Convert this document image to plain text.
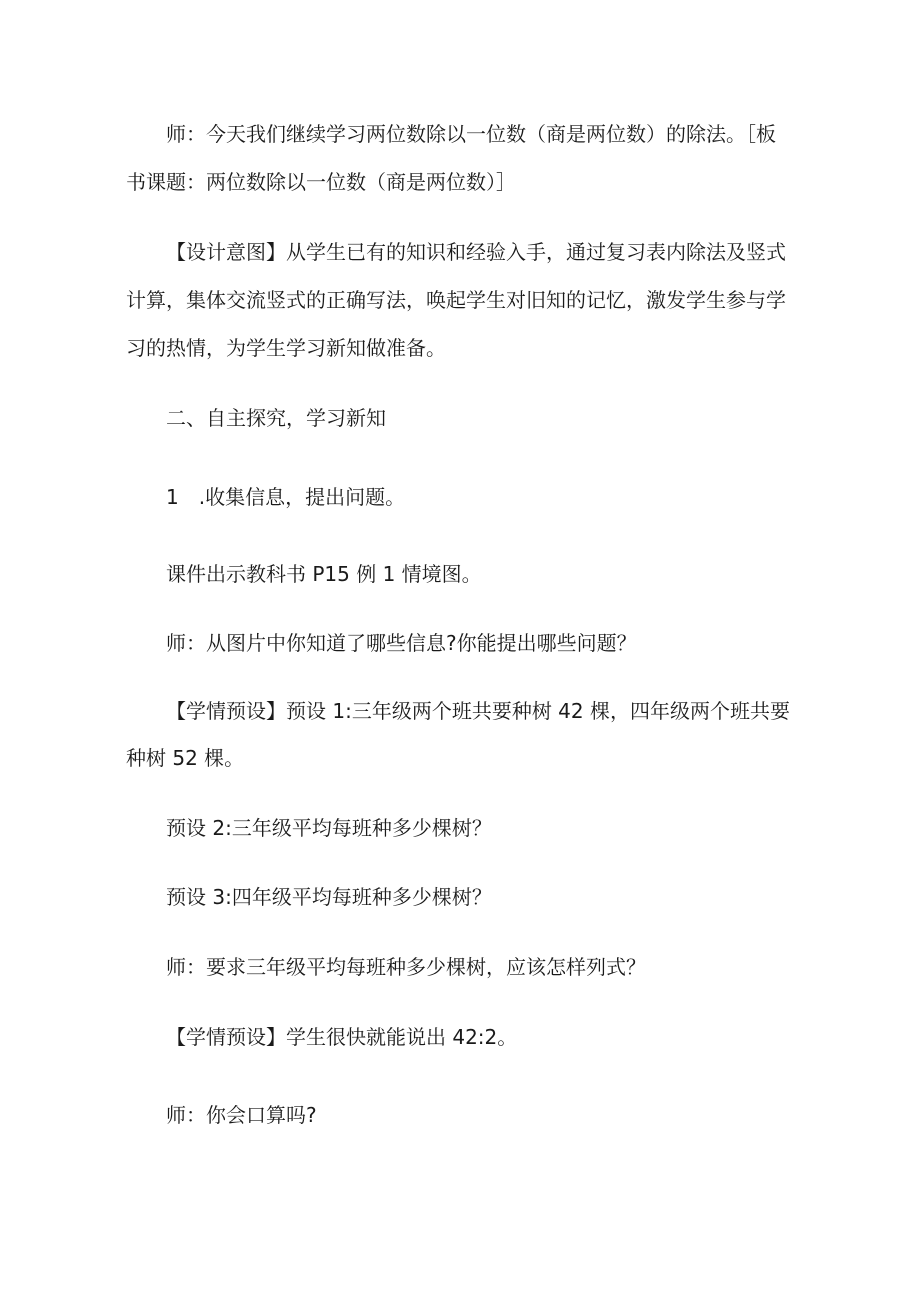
师：今天我们继续学习两位数除以一位数（商是两位数）的除法。［板
书课题：两位数除以一位数（商是两位数）］
【设计意图】从学生已有的知识和经验入手，通过复习表内除法及竖式
计算，集体交流竖式的正确写法，唤起学生对旧知的记忆，激发学生参与学
习的热情，为学生学习新知做准备。
二、自主探究，学习新知
1 .收集信息，提出问题。
课件出示教科书 P15 例 1 情境图。
师：从图片中你知道了哪些信息?你能提出哪些问题？
【学情预设】预设 1:三年级两个班共要种树 42 棵，四年级两个班共要
种树 52 棵。
预设 2:三年级平均每班种多少棵树？
预设 3:四年级平均每班种多少棵树？
师：要求三年级平均每班种多少棵树，应该怎样列式？
【学情预设】学生很快就能说出 42:2。
师：你会口算吗?
